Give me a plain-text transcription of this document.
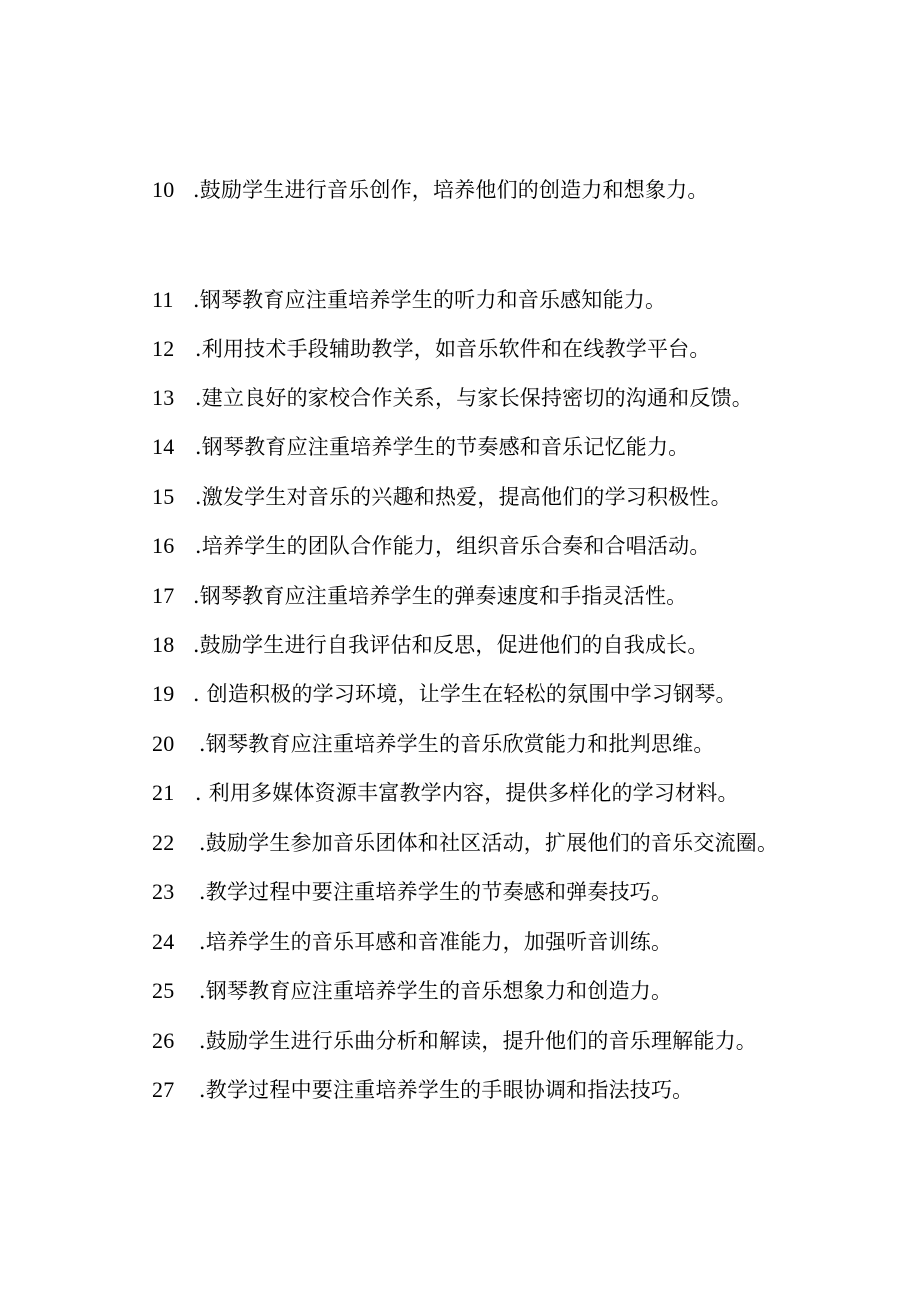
10 .鼓励学生进行音乐创作，培养他们的创造力和想象力。
11 .钢琴教育应注重培养学生的听力和音乐感知能力。
12 .利用技术手段辅助教学，如音乐软件和在线教学平台。
13 .建立良好的家校合作关系，与家长保持密切的沟通和反馈。
14 .钢琴教育应注重培养学生的节奏感和音乐记忆能力。
15 .激发学生对音乐的兴趣和热爱，提高他们的学习积极性。
16 .培养学生的团队合作能力，组织音乐合奏和合唱活动。
17 .钢琴教育应注重培养学生的弹奏速度和手指灵活性。
18 .鼓励学生进行自我评估和反思，促进他们的自我成长。
19 . 创造积极的学习环境，让学生在轻松的氛围中学习钢琴。
20 .钢琴教育应注重培养学生的音乐欣赏能力和批判思维。
21 . 利用多媒体资源丰富教学内容，提供多样化的学习材料。
22 .鼓励学生参加音乐团体和社区活动，扩展他们的音乐交流圈。
23 .教学过程中要注重培养学生的节奏感和弹奏技巧。
24 .培养学生的音乐耳感和音准能力，加强听音训练。
25 .钢琴教育应注重培养学生的音乐想象力和创造力。
26 .鼓励学生进行乐曲分析和解读，提升他们的音乐理解能力。
27 .教学过程中要注重培养学生的手眼协调和指法技巧。
